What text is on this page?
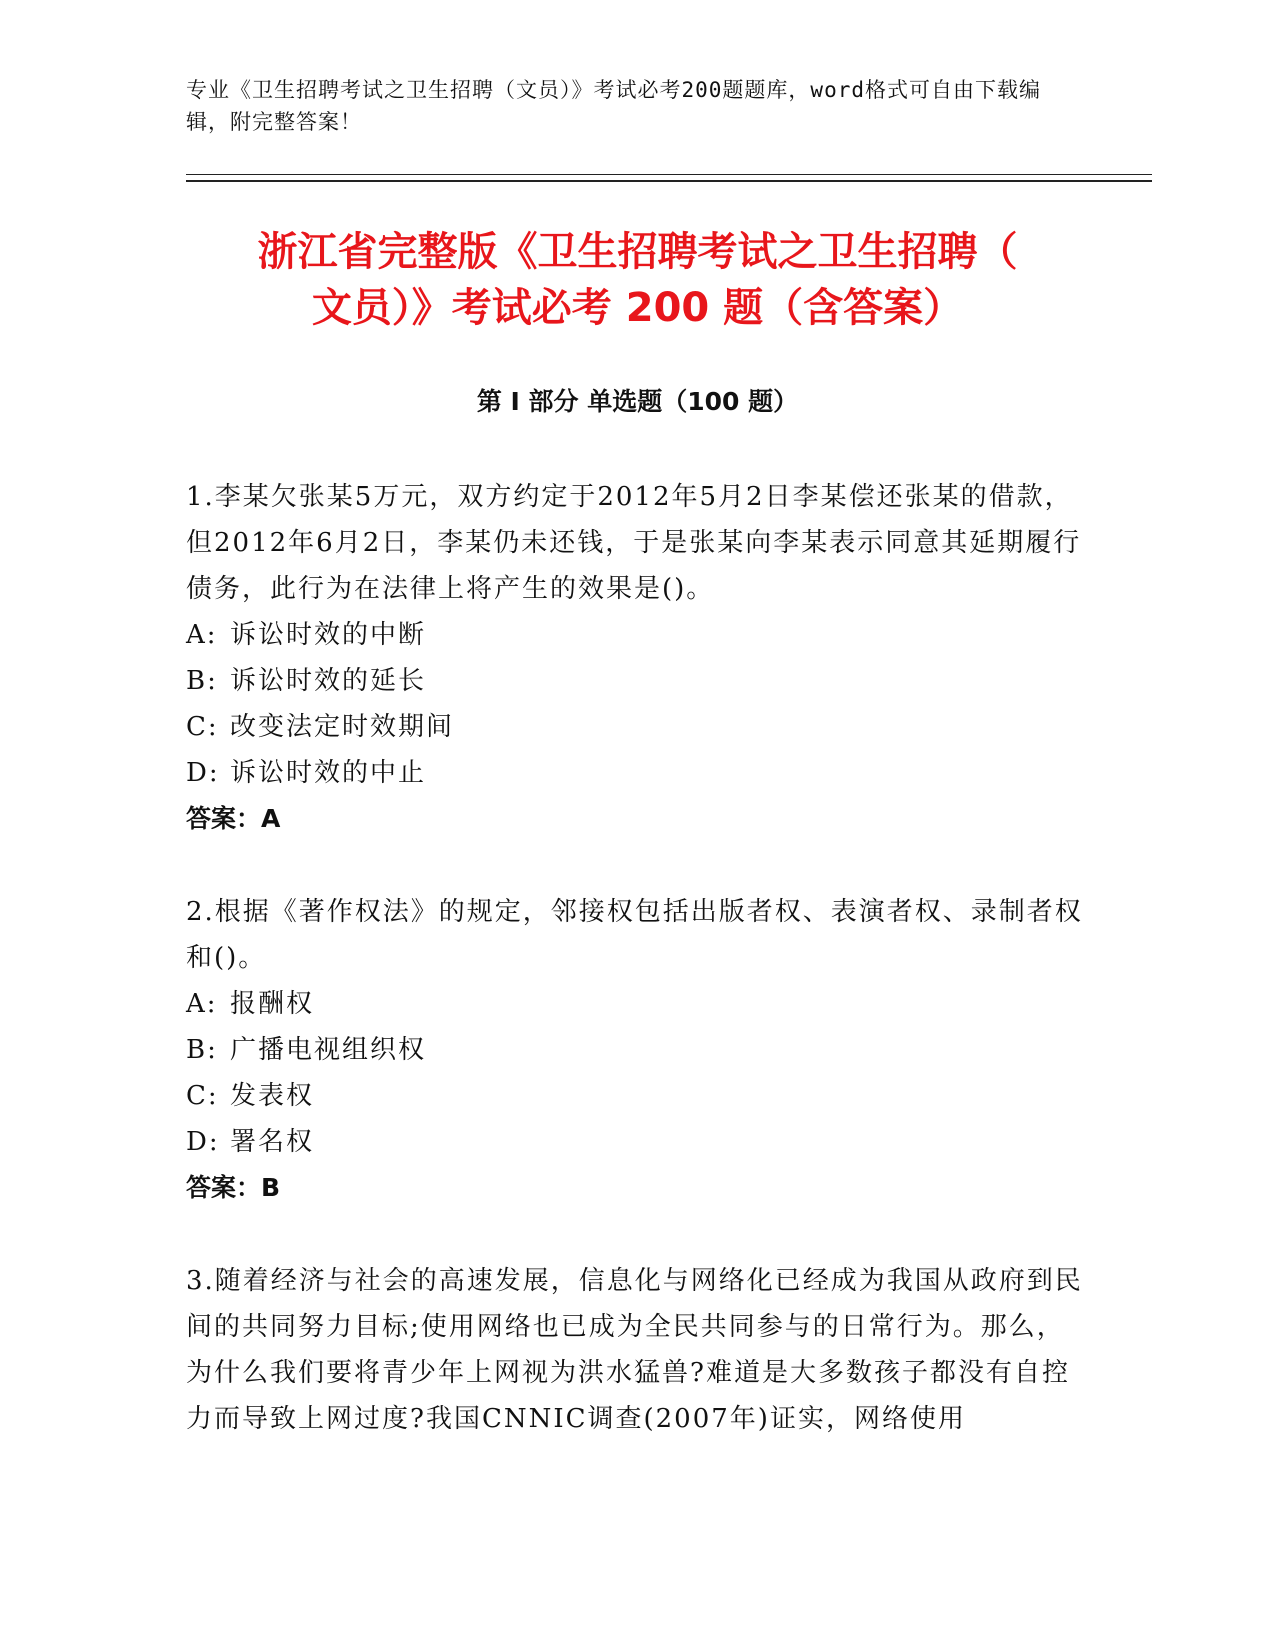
专业《卫生招聘考试之卫生招聘（文员）》考试必考200题题库，word格式可自由下载编辑，附完整答案！
浙江省完整版《卫生招聘考试之卫生招聘（
文员）》考试必考 200 题（含答案）
第 I 部分 单选题（100 题）

1.李某欠张某5万元，双方约定于2012年5月2日李某偿还张某的借款，但2012年6月2日，李某仍未还钱，于是张某向李某表示同意其延期履行债务，此行为在法律上将产生的效果是()。

A: 诉讼时效的中断

B: 诉讼时效的延长

C: 改变法定时效期间

D: 诉讼时效的中止

答案：A

2.根据《著作权法》的规定，邻接权包括出版者权、表演者权、录制者权和()。

A: 报酬权

B: 广播电视组织权

C: 发表权

D: 署名权

答案：B

3.随着经济与社会的高速发展，信息化与网络化已经成为我国从政府到民间的共同努力目标;使用网络也已成为全民共同参与的日常行为。那么，为什么我们要将青少年上网视为洪水猛兽?难道是大多数孩子都没有自控力而导致上网过度?我国CNNIC调查(2007年)证实，网络使用
